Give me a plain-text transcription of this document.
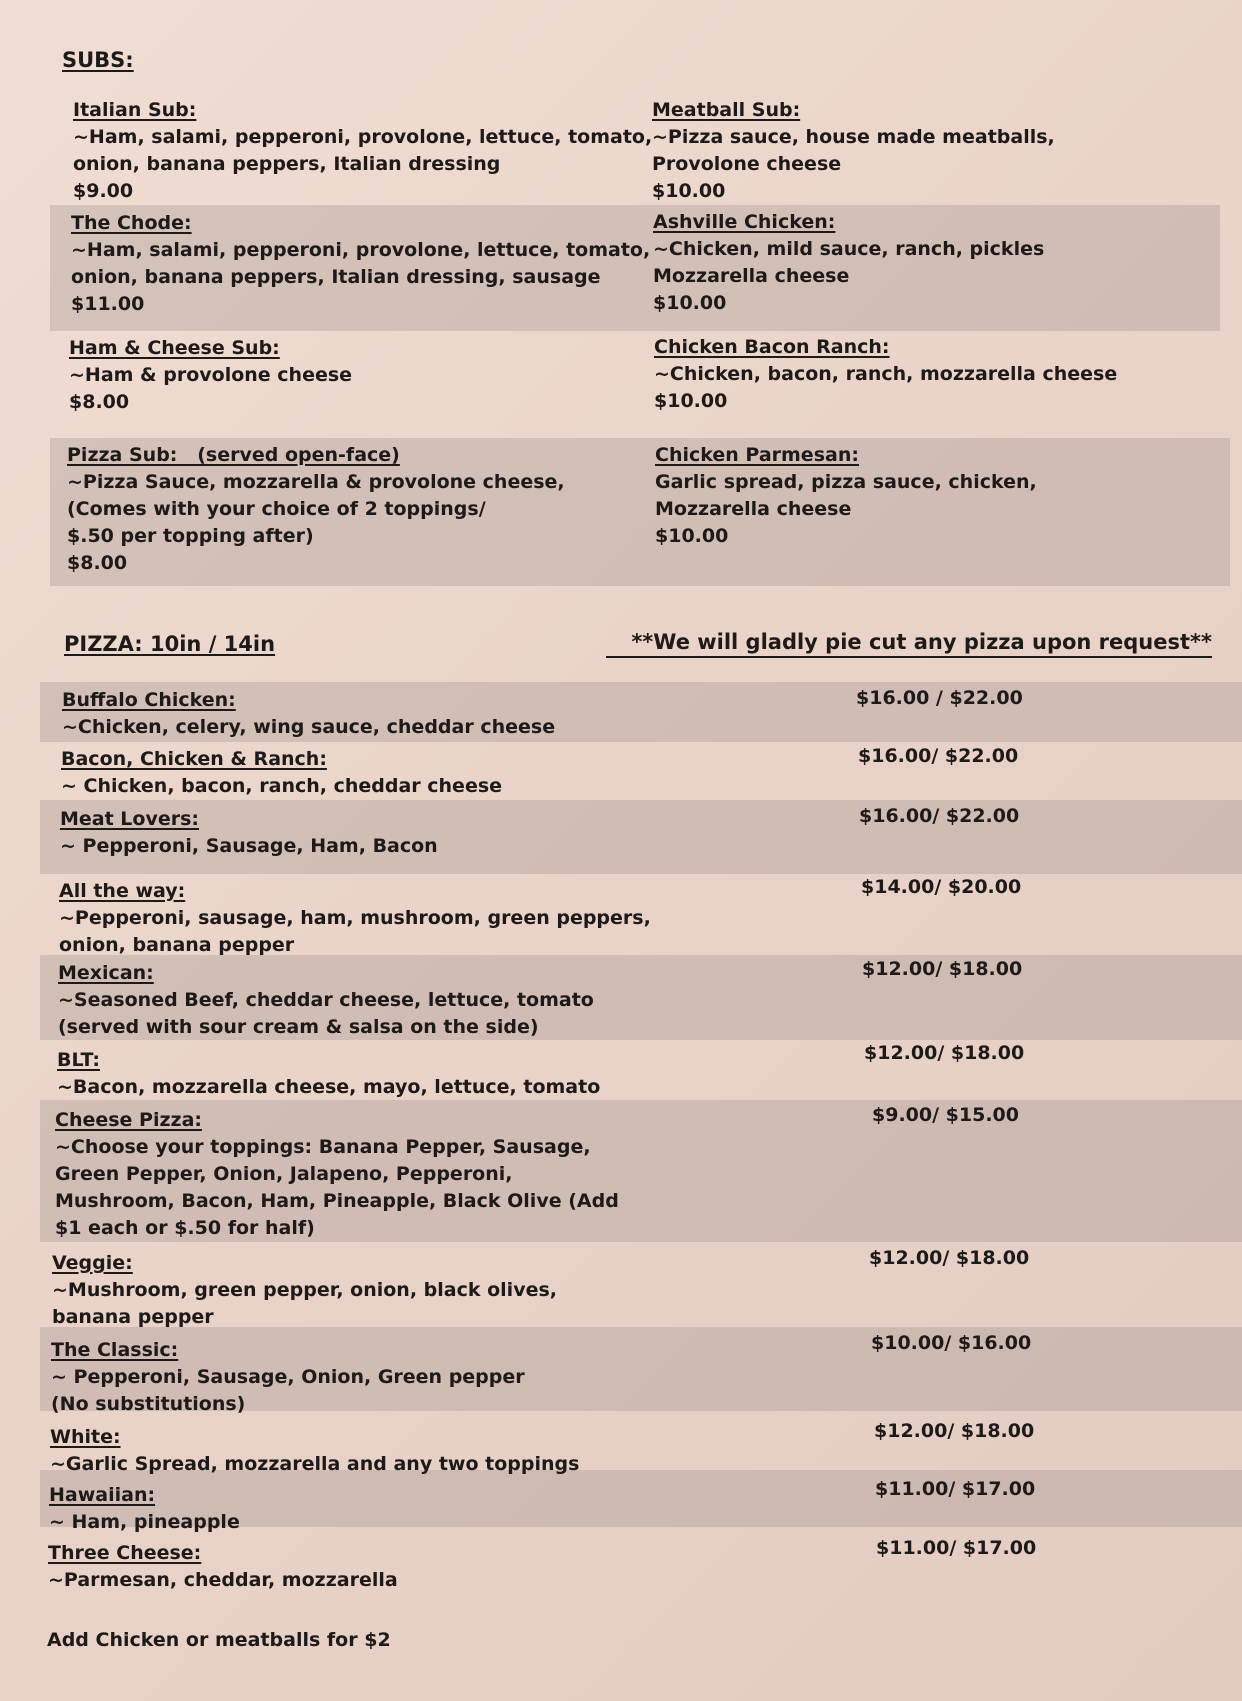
SUBS:
Italian Sub:
~Ham, salami, pepperoni, provolone, lettuce, tomato,
onion, banana peppers, Italian dressing
$9.00
Meatball Sub:
~Pizza sauce, house made meatballs,
Provolone cheese
$10.00
The Chode:
~Ham, salami, pepperoni, provolone, lettuce, tomato,
onion, banana peppers, Italian dressing, sausage
$11.00
Ashville Chicken:
~Chicken, mild sauce, ranch, pickles
Mozzarella cheese
$10.00
Ham & Cheese Sub:
~Ham & provolone cheese
$8.00
Chicken Bacon Ranch:
~Chicken, bacon, ranch, mozzarella cheese
$10.00
Pizza Sub:   (served open-face)
~Pizza Sauce, mozzarella & provolone cheese,
(Comes with your choice of 2 toppings/
$.50 per topping after)
$8.00
Chicken Parmesan:
Garlic spread, pizza sauce, chicken,
Mozzarella cheese
$10.00
PIZZA: 10in / 14in	**We will gladly pie cut any pizza upon request**
Buffalo Chicken:
~Chicken, celery, wing sauce, cheddar cheese
$16.00 / $22.00
Bacon, Chicken & Ranch:
~ Chicken, bacon, ranch, cheddar cheese
$16.00/ $22.00
Meat Lovers:
~ Pepperoni, Sausage, Ham, Bacon
$16.00/ $22.00
All the way:
~Pepperoni, sausage, ham, mushroom, green peppers,
onion, banana pepper
$14.00/ $20.00
Mexican:
~Seasoned Beef, cheddar cheese, lettuce, tomato
(served with sour cream & salsa on the side)
$12.00/ $18.00
BLT:
~Bacon, mozzarella cheese, mayo, lettuce, tomato
$12.00/ $18.00
Cheese Pizza:
~Choose your toppings: Banana Pepper, Sausage,
Green Pepper, Onion, Jalapeno, Pepperoni,
Mushroom, Bacon, Ham, Pineapple, Black Olive (Add
$1 each or $.50 for half)
$9.00/ $15.00
Veggie:
~Mushroom, green pepper, onion, black olives,
banana pepper
$12.00/ $18.00
The Classic:
~ Pepperoni, Sausage, Onion, Green pepper
(No substitutions)
$10.00/ $16.00
White:
~Garlic Spread, mozzarella and any two toppings
$12.00/ $18.00
Hawaiian:
~ Ham, pineapple
$11.00/ $17.00
Three Cheese:
~Parmesan, cheddar, mozzarella
$11.00/ $17.00
Add Chicken or meatballs for $2
